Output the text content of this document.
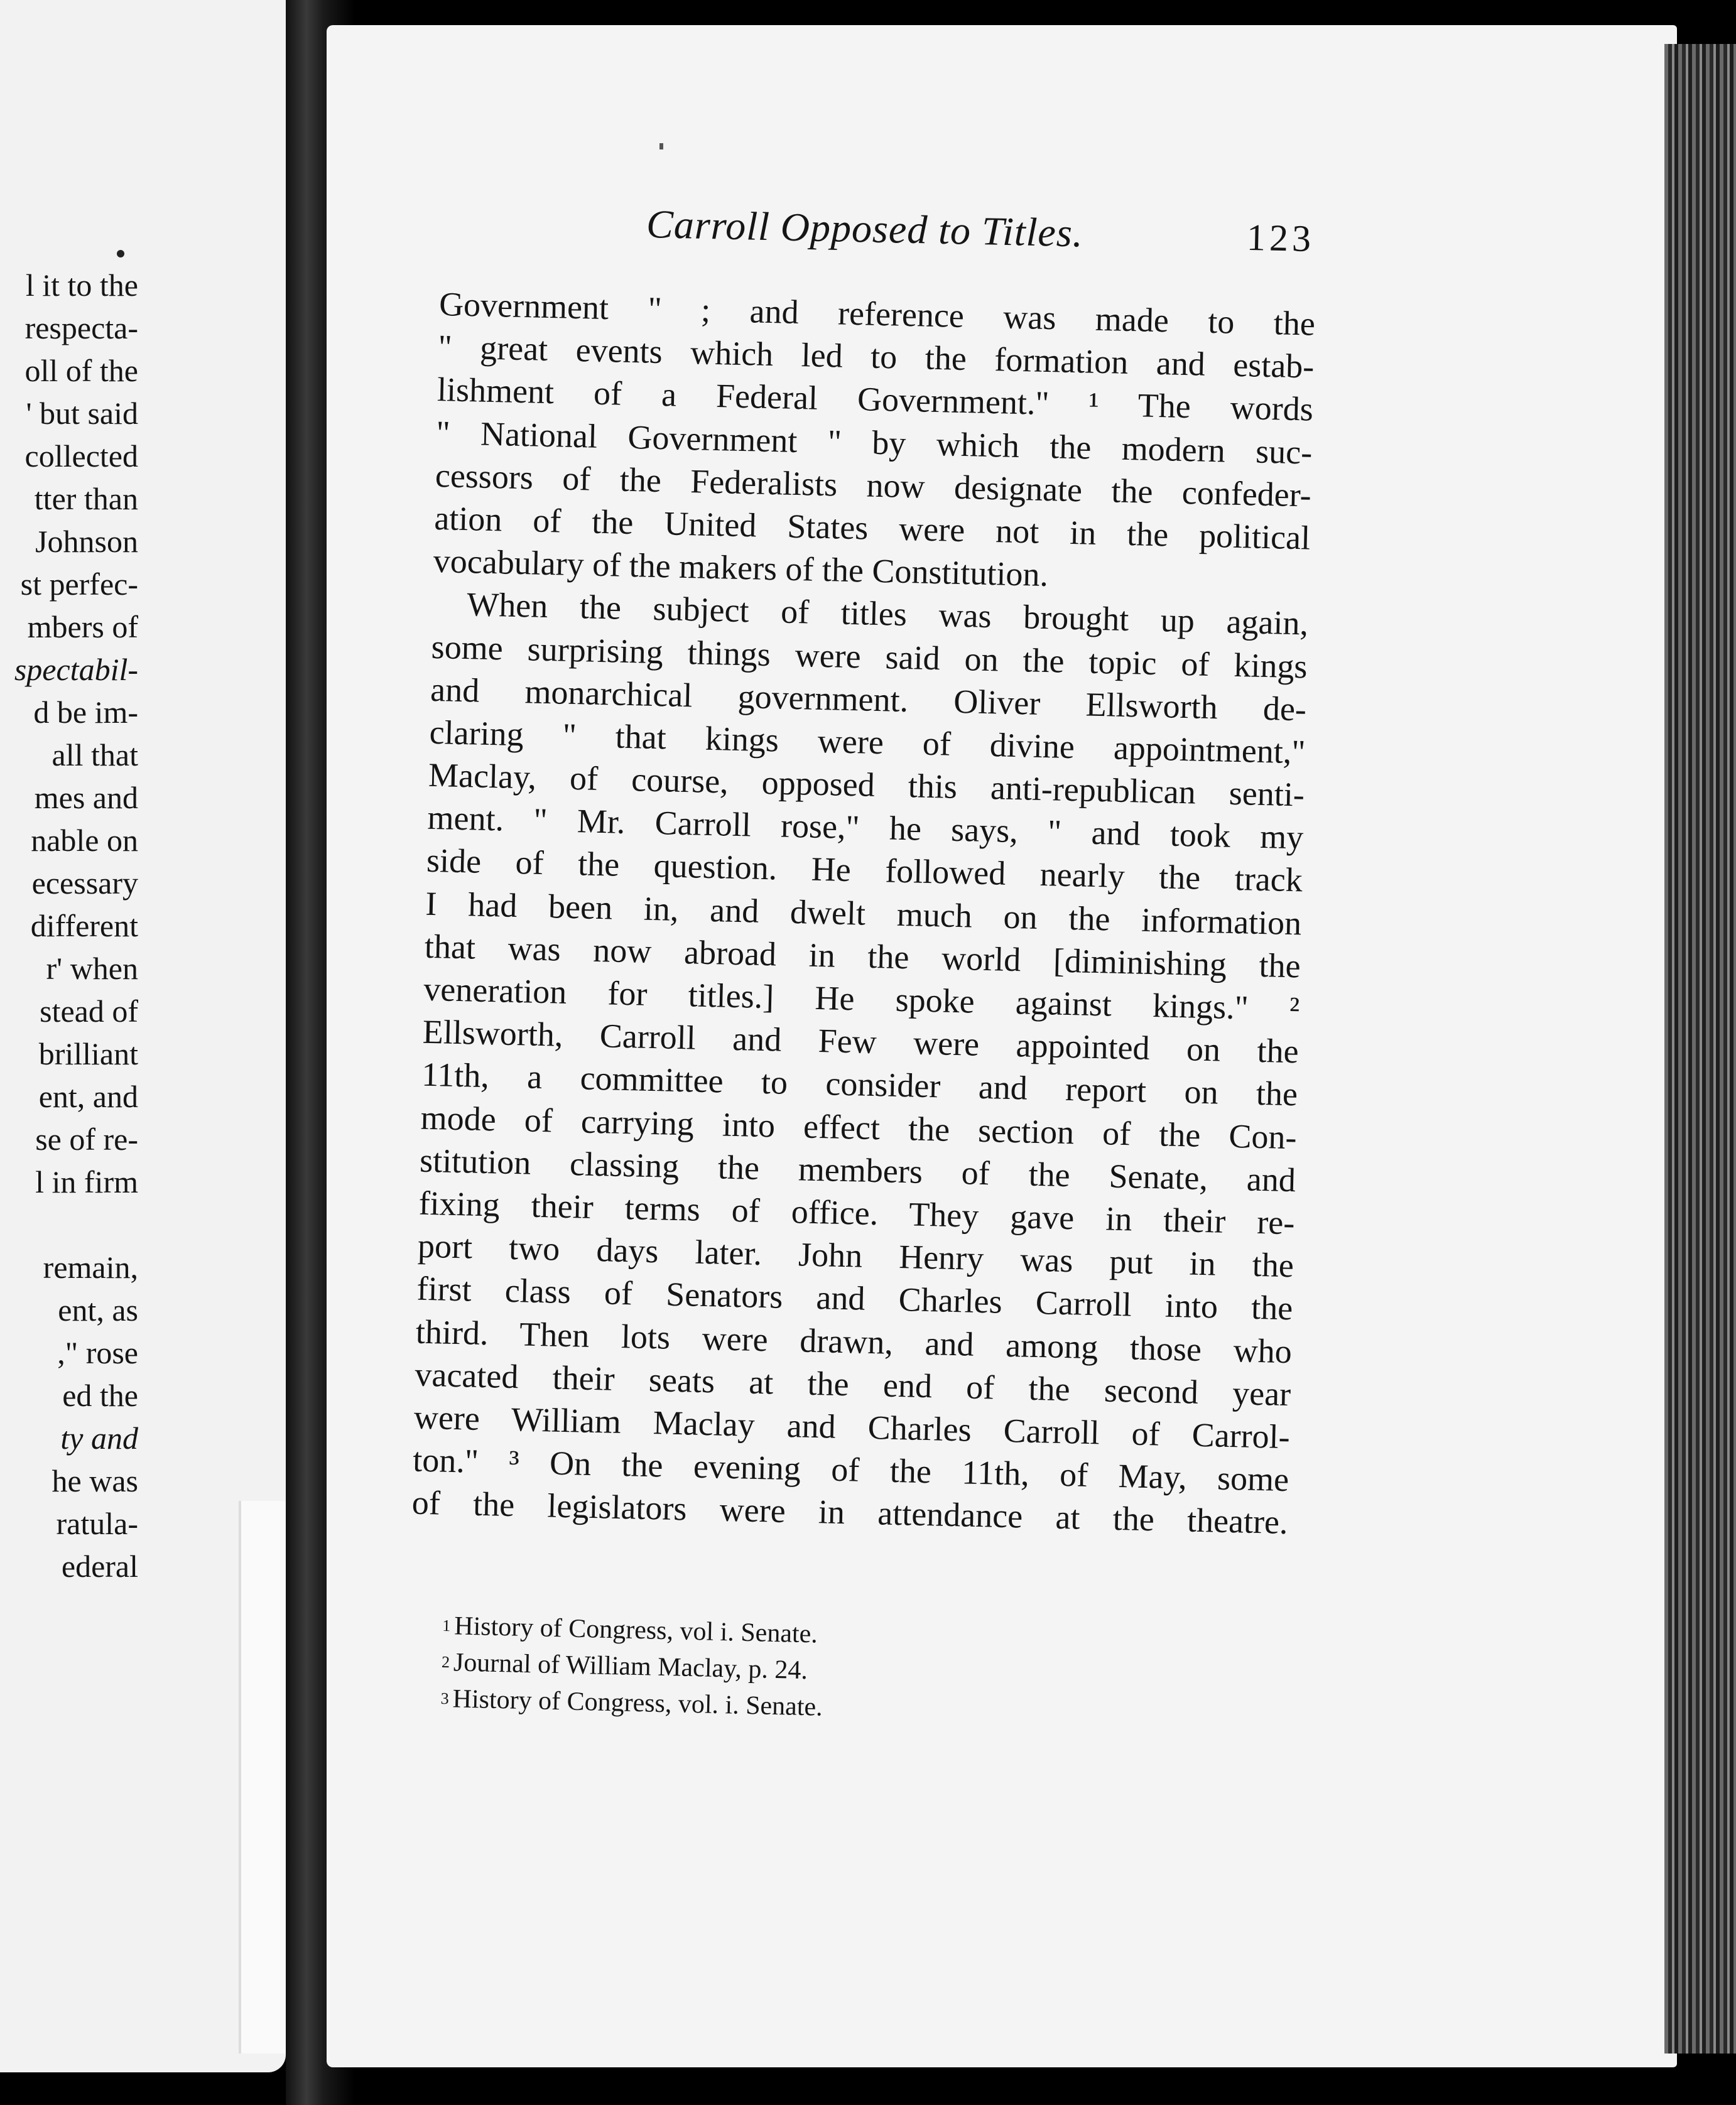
l it to the
respecta-
oll of the
' but said
collected
tter than
Johnson
st perfec-
mbers of
spectabil-
d be im-
all that
mes and
nable on
ecessary
different
r' when
stead of
brilliant
ent, and
se of re-
l in firm
remain,
ent, as
," rose
ed the
ty and
he was
ratula-
ederal
Carroll Opposed to Titles.	123
Government " ; and reference was made to the
" great events which led to the formation and estab-
lishment of a Federal Government." ¹ The words
" National Government " by which the modern suc-
cessors of the Federalists now designate the confeder-
ation of the United States were not in the political
vocabulary of the makers of the Constitution.
When the subject of titles was brought up again,
some surprising things were said on the topic of kings
and monarchical government. Oliver Ellsworth de-
claring " that kings were of divine appointment,"
Maclay, of course, opposed this anti-republican senti-
ment. " Mr. Carroll rose," he says, " and took my
side of the question. He followed nearly the track
I had been in, and dwelt much on the information
that was now abroad in the world [diminishing the
veneration for titles.] He spoke against kings." ²
Ellsworth, Carroll and Few were appointed on the
11th, a committee to consider and report on the
mode of carrying into effect the section of the Con-
stitution classing the members of the Senate, and
fixing their terms of office. They gave in their re-
port two days later. John Henry was put in the
first class of Senators and Charles Carroll into the
third. Then lots were drawn, and among those who
vacated their seats at the end of the second year
were William Maclay and Charles Carroll of Carrol-
ton." ³ On the evening of the 11th, of May, some
of the legislators were in attendance at the theatre.
$^1$ History of Congress, vol i. Senate.
$^2$ Journal of William Maclay, p. 24.
$^3$ History of Congress, vol. i. Senate.
